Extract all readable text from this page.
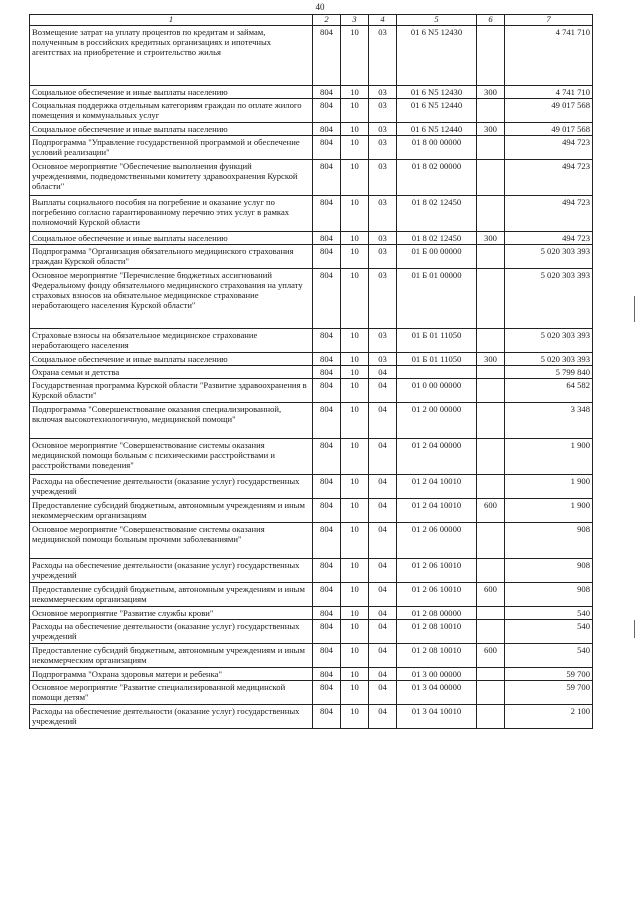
40
1	2	3	4	5	6	7
Возмещение затрат на уплату процентов по кредитам и займам, полученным в российских кредитных организациях и ипотечных агентствах на приобретение и строительство жилья	804	10	03	01 6 N5 12430		4 741 710
Социальное обеспечение и иные выплаты населению	804	10	03	01 6 N5 12430	300	4 741 710
Социальная поддержка отдельным категориям граждан по оплате жилого помещения и коммунальных услуг	804	10	03	01 6 N5 12440		49 017 568
Социальное обеспечение и иные выплаты населению	804	10	03	01 6 N5 12440	300	49 017 568
Подпрограмма "Управление государственной программой и обеспечение условий реализации"	804	10	03	01 8 00 00000		494 723
Основное мероприятие "Обеспечение выполнения функций учреждениями, подведомственными комитету здравоохранения Курской области"	804	10	03	01 8 02 00000		494 723
Выплаты социального пособия на погребение и оказание услуг по погребению согласно гарантированному перечню этих услуг в рамках полномочий Курской области	804	10	03	01 8 02 12450		494 723
Социальное обеспечение и иные выплаты населению	804	10	03	01 8 02 12450	300	494 723
Подпрограмма "Организация обязательного медицинского страхования граждан Курской области"	804	10	03	01 Б 00 00000		5 020 303 393
Основное мероприятие "Перечисление бюджетных ассигнований Федеральному фонду обязательного медицинского страхования на уплату страховых взносов на обязательное медицинское страхование неработающего населения Курской области"	804	10	03	01 Б 01 00000		5 020 303 393
Страховые взносы на обязательное медицинское страхование неработающего населения	804	10	03	01 Б 01 11050		5 020 303 393
Социальное обеспечение и иные выплаты населению	804	10	03	01 Б 01 11050	300	5 020 303 393
Охрана семьи и детства	804	10	04			5 799 840
Государственная программа Курской области "Развитие здравоохранения в Курской области"	804	10	04	01 0 00 00000		64 582
Подпрограмма "Совершенствование оказания специализированной, включая высокотехнологичную, медицинской помощи"	804	10	04	01 2 00 00000		3 348
Основное мероприятие "Совершенствование системы оказания медицинской помощи больным с психическими расстройствами и расстройствами поведения"	804	10	04	01 2 04 00000		1 900
Расходы на обеспечение деятельности (оказание услуг) государственных учреждений	804	10	04	01 2 04 10010		1 900
Предоставление субсидий бюджетным, автономным учреждениям и иным некоммерческим организациям	804	10	04	01 2 04 10010	600	1 900
Основное мероприятие "Совершенствование системы оказания медицинской помощи больным прочими заболеваниями"	804	10	04	01 2 06 00000		908
Расходы на обеспечение деятельности (оказание услуг) государственных учреждений	804	10	04	01 2 06 10010		908
Предоставление субсидий бюджетным, автономным учреждениям и иным некоммерческим организациям	804	10	04	01 2 06 10010	600	908
Основное мероприятие "Развитие службы крови"	804	10	04	01 2 08 00000		540
Расходы на обеспечение деятельности (оказание услуг) государственных учреждений	804	10	04	01 2 08 10010		540
Предоставление субсидий бюджетным, автономным учреждениям и иным некоммерческим организациям	804	10	04	01 2 08 10010	600	540
Подпрограмма "Охрана здоровья матери и ребенка"	804	10	04	01 3 00 00000		59 700
Основное мероприятие "Развитие специализированной медицинской помощи детям"	804	10	04	01 3 04 00000		59 700
Расходы на обеспечение деятельности (оказание услуг) государственных учреждений	804	10	04	01 3 04 10010		2 100
